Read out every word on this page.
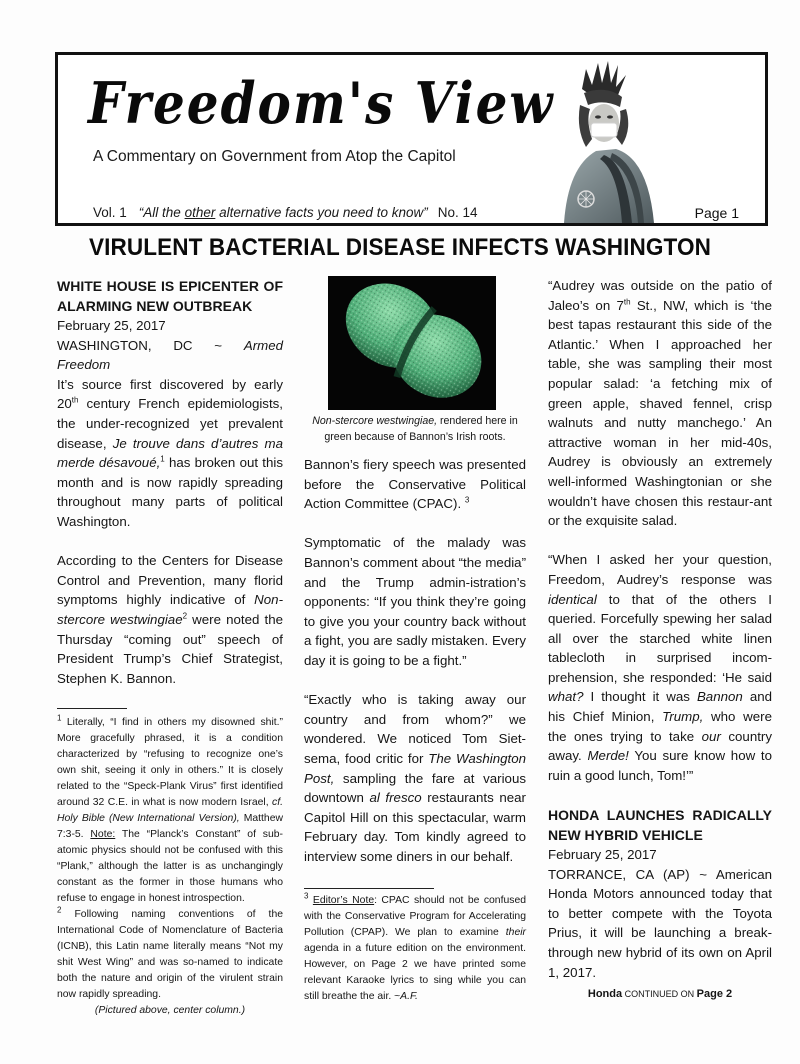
Freedom's View
A Commentary on Government from Atop the Capitol
Vol. 1 “All the other alternative facts you need to know” No. 14	Page 1
VIRULENT BACTERIAL DISEASE INFECTS WASHINGTON
WHITE HOUSE IS EPICENTER OF ALARMING NEW OUTBREAK
February 25, 2017

WASHINGTON, DC ~ Armed Freedom
It’s source first discovered by early 20th century French epidemiologists, the under-recognized yet prevalent disease, Je trouve dans d’autres ma merde désavoué,$^1$ has broken out this month and is now rapidly spreading throughout many parts of political Washington.

According to the Centers for Disease Control and Prevention, many florid symptoms highly indicative of Non-stercore westwingiae$^2$ were noted the Thursday “coming out” speech of President Trump’s Chief Strategist, Stephen K. Bannon.

$^1$ Literally, “I find in others my disowned shit.” More gracefully phrased, it is a condition characterized by “refusing to recognize one’s own shit, seeing it only in others.” It is closely related to the “Speck-Plank Virus” first identified around 32 C.E. in what is now modern Israel, cf. Holy Bible (New International Version), Matthew 7:3-5. Note: The “Planck’s Constant” of sub-atomic physics should not be confused with this “Plank,” although the latter is as unchangingly constant as the former in those humans who refuse to engage in honest introspection.
$^2$ Following naming conventions of the International Code of Nomenclature of Bacteria (ICNB), this Latin name literally means “Not my shit West Wing” and was so-named to indicate both the nature and origin of the virulent strain now rapidly spreading.
(Pictured above, center column.)
Non-stercore westwingiae, rendered here in green because of Bannon’s Irish roots.

Bannon’s fiery speech was presented before the Conservative Political Action Committee (CPAC). $^3$

Symptomatic of the malady was Bannon’s comment about “the media” and the Trump admin-istration’s opponents: “If you think they’re going to give you your country back without a fight, you are sadly mistaken. Every day it is going to be a fight.”

“Exactly who is taking away our country and from whom?” we wondered. We noticed Tom Siet-sema, food critic for The Washington Post, sampling the fare at various downtown al fresco restaurants near Capitol Hill on this spectacular, warm February day. Tom kindly agreed to interview some diners in our behalf.

$^3$ Editor’s Note: CPAC should not be confused with the Conservative Program for Accelerating Pollution (CPAP). We plan to examine their agenda in a future edition on the environment. However, on Page 2 we have printed some relevant Karaoke lyrics to sing while you can still breathe the air. ~A.F.

“Audrey was outside on the patio of Jaleo’s on 7th St., NW, which is ‘the best tapas restaurant this side of the Atlantic.’ When I approached her table, she was sampling their most popular salad: ‘a fetching mix of green apple, shaved fennel, crisp walnuts and nutty manchego.’ An attractive woman in her mid-40s, Audrey is obviously an extremely well-informed Washingtonian or she wouldn’t have chosen this restaur-ant or the exquisite salad.

“When I asked her your question, Freedom, Audrey’s response was identical to that of the others I queried. Forcefully spewing her salad all over the starched white linen tablecloth in surprised incom-prehension, she responded: ‘He said what? I thought it was Bannon and his Chief Minion, Trump, who were the ones trying to take our country away. Merde! You sure know how to ruin a good lunch, Tom!’”

HONDA LAUNCHES RADICALLY NEW HYBRID VEHICLE
February 25, 2017
TORRANCE, CA (AP) ~ American Honda Motors announced today that to better compete with the Toyota Prius, it will be launching a break-through new hybrid of its own on April 1, 2017.
Honda CONTINUED ON Page 2
